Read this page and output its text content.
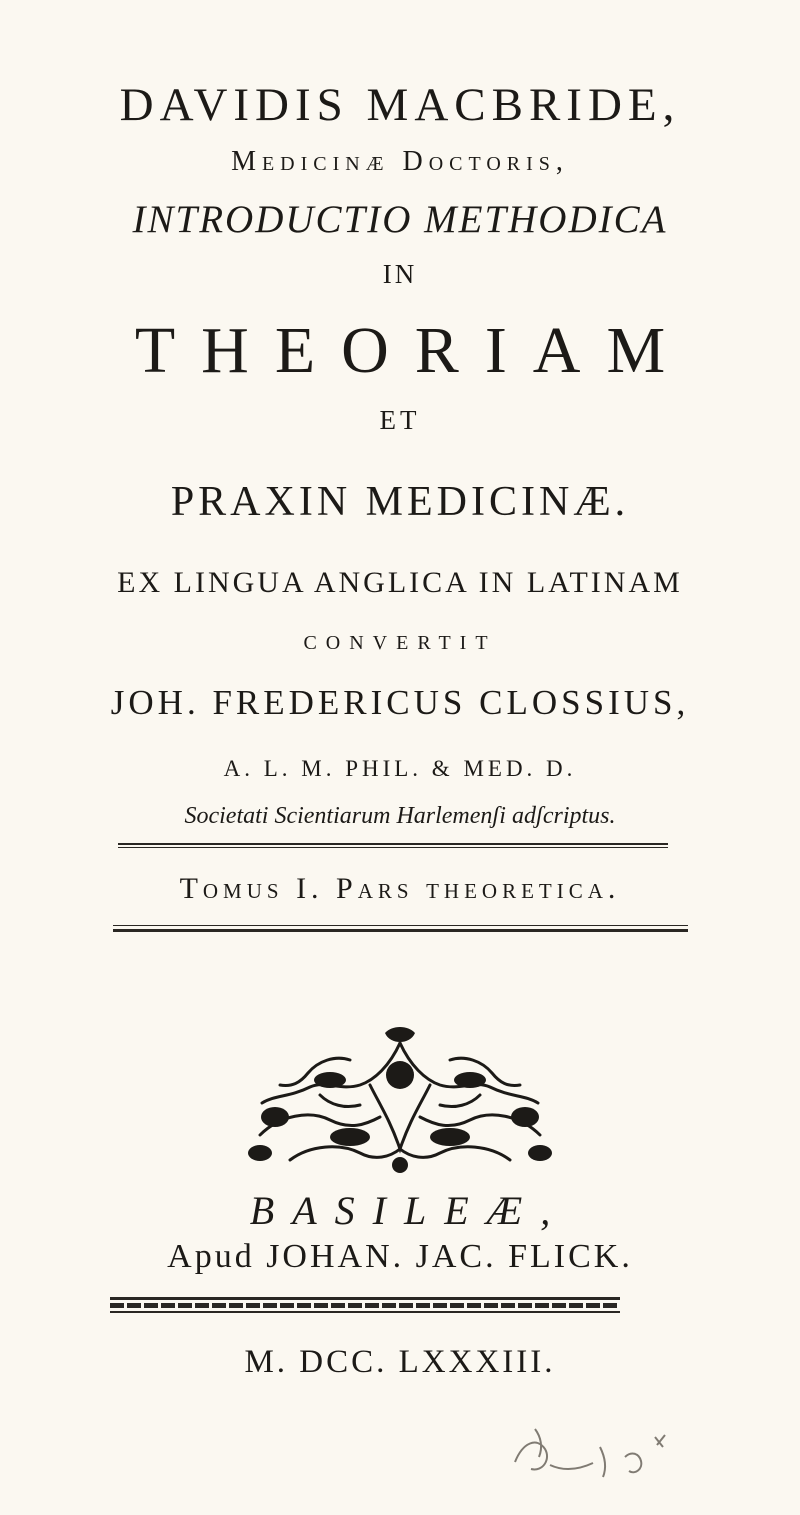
DAVIDIS MACBRIDE,
Medicinæ Doctoris,
INTRODUCTIO METHODICA
IN
THEORIAM
ET
PRAXIN MEDICINÆ.
EX LINGUA ANGLICA IN LATINAM
CONVERTIT
JOH. FREDERICUS CLOSSIUS,
A. L. M. PHIL. & MED. D.
Societati Scientiarum Harlemenʃi adʃcriptus.
Tomus I. Pars theoretica.
BASILEÆ,
Apud JOHAN. JAC. FLICK.
M. DCC. LXXXIII.
